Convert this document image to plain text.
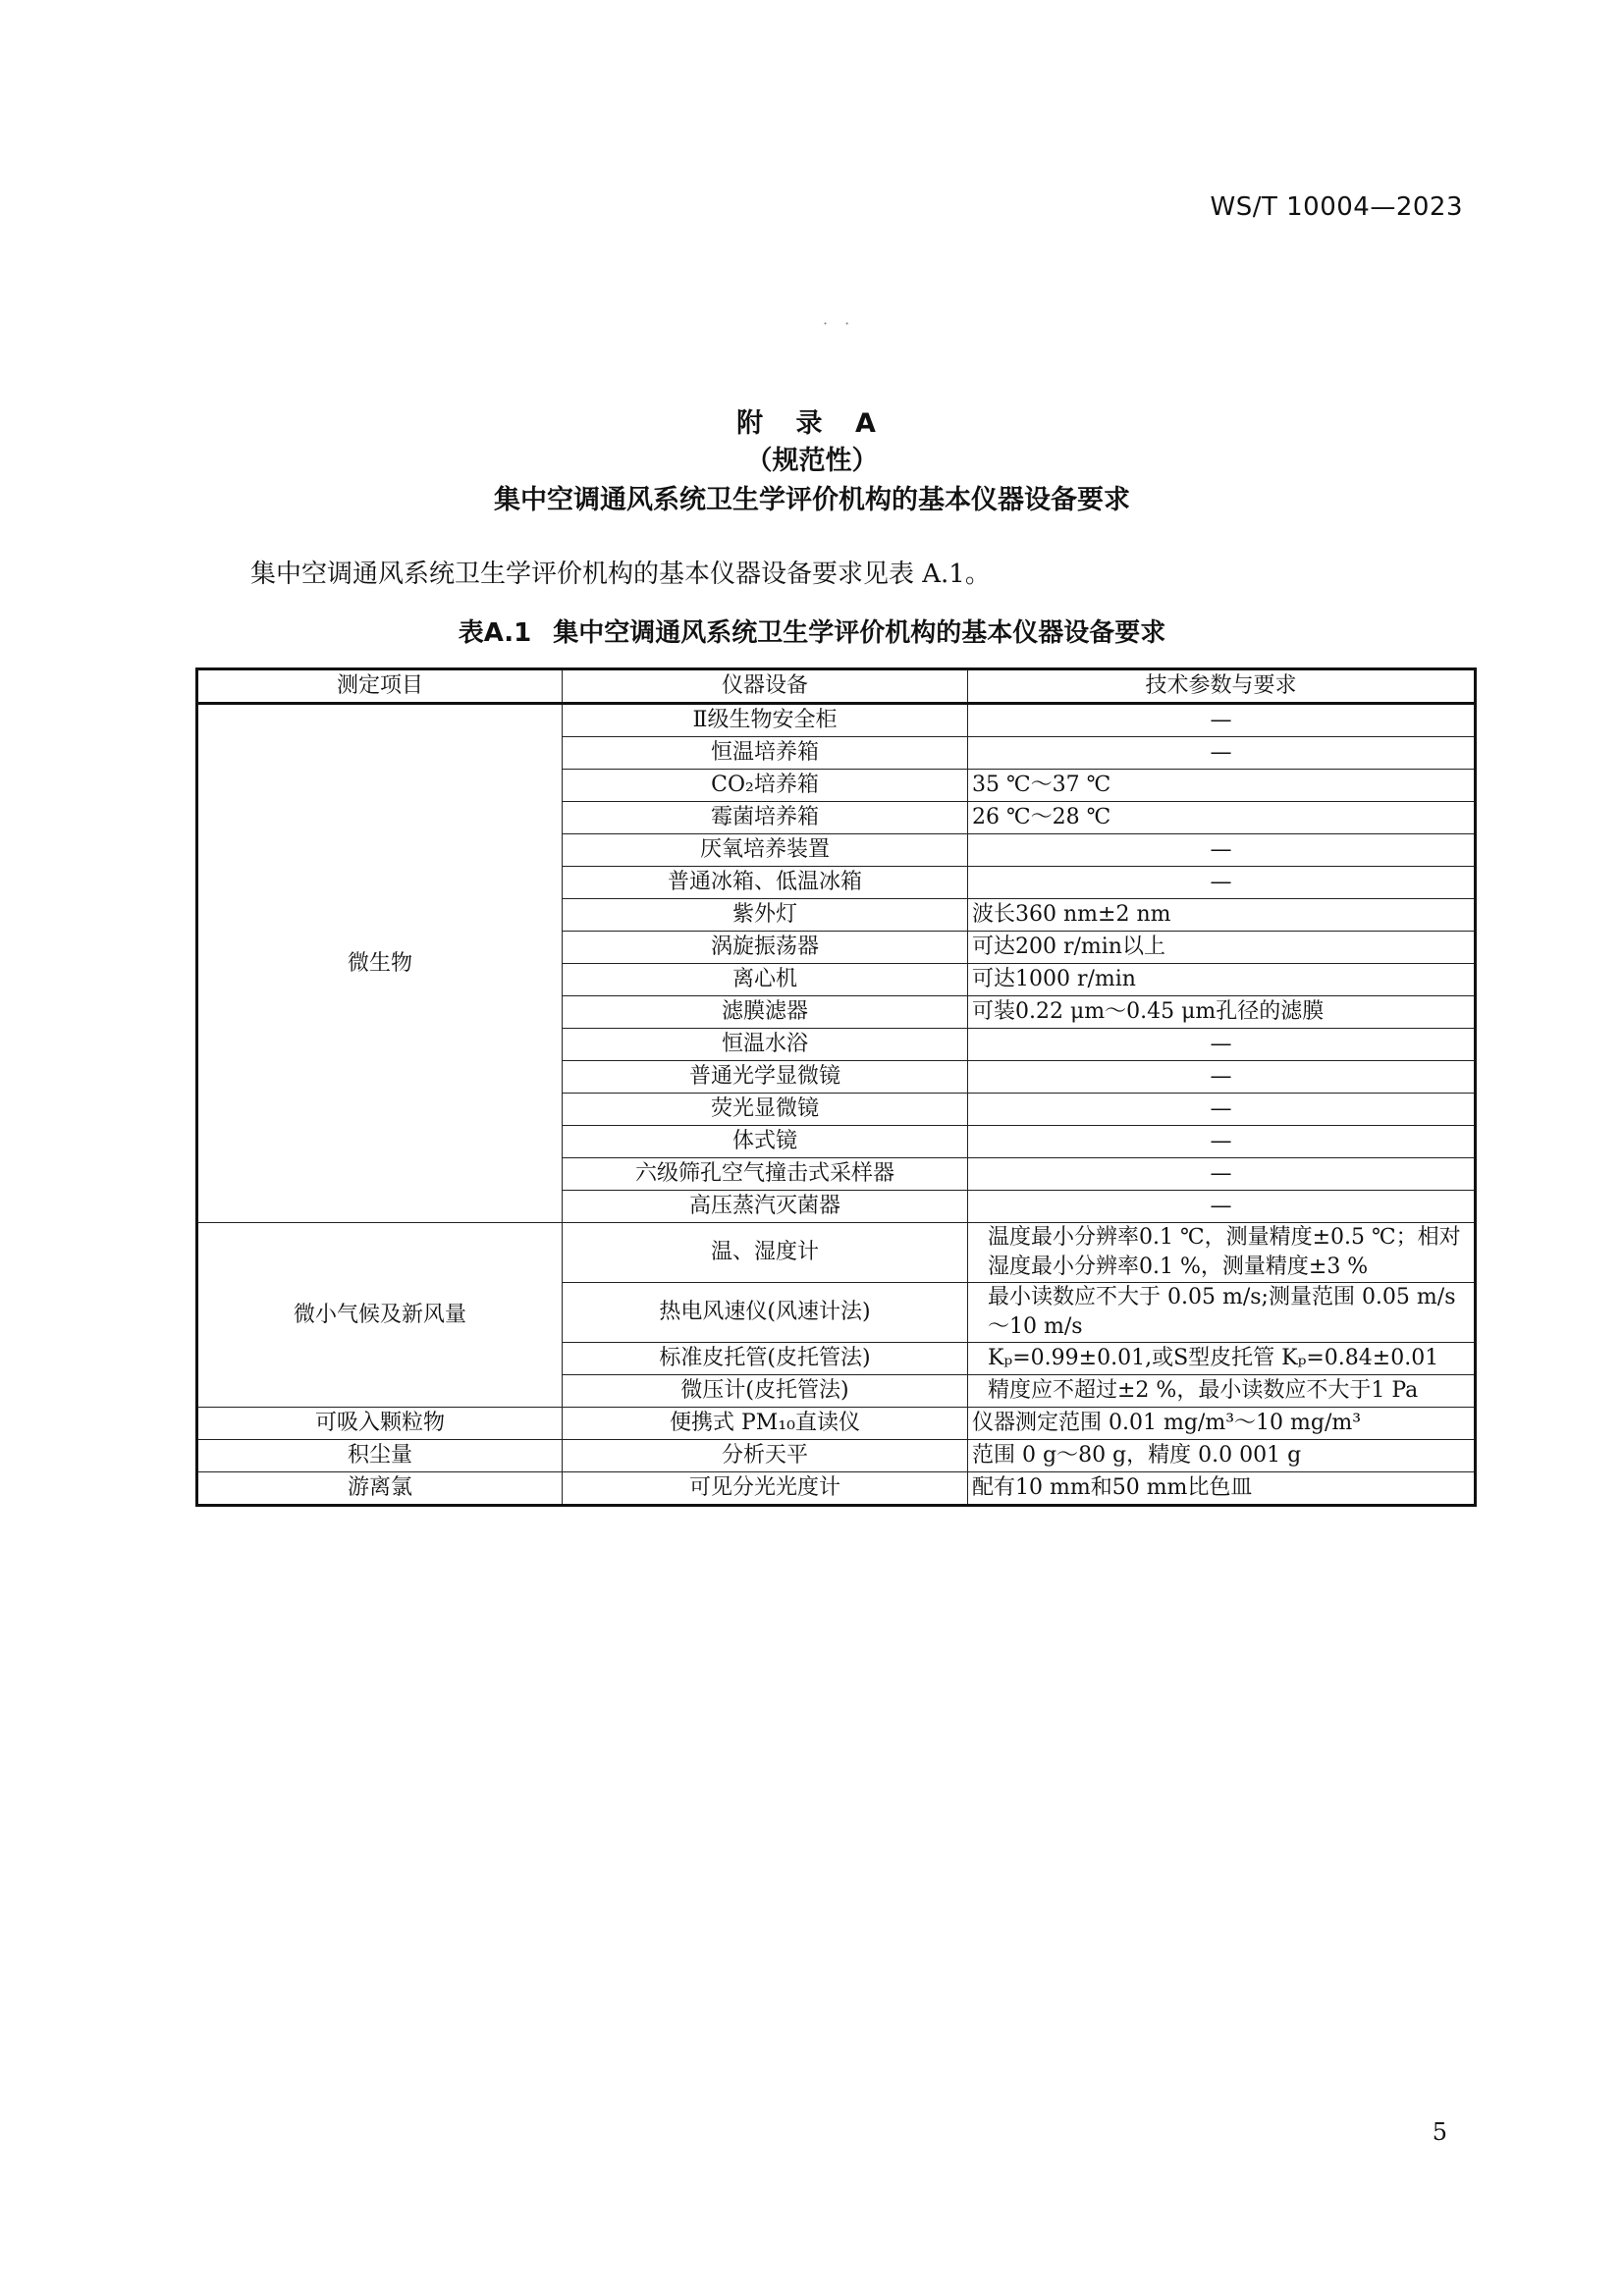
WS/T 10004—2023
· ·
附 录 A
（规范性）
集中空调通风系统卫生学评价机构的基本仪器设备要求
集中空调通风系统卫生学评价机构的基本仪器设备要求见表 A.1。
表A.1 集中空调通风系统卫生学评价机构的基本仪器设备要求
测定项目	仪器设备	技术参数与要求
微生物	Ⅱ级生物安全柜	—
	恒温培养箱	—
	CO₂培养箱	35 ℃～37 ℃
	霉菌培养箱	26 ℃～28 ℃
	厌氧培养装置	—
	普通冰箱、低温冰箱	—
	紫外灯	波长360 nm±2 nm
	涡旋振荡器	可达200 r/min以上
	离心机	可达1000 r/min
	滤膜滤器	可装0.22 μm～0.45 μm孔径的滤膜
	恒温水浴	—
	普通光学显微镜	—
	荧光显微镜	—
	体式镜	—
	六级筛孔空气撞击式采样器	—
	高压蒸汽灭菌器	—
微小气候及新风量	温、湿度计	温度最小分辨率0.1 ℃，测量精度±0.5 ℃；相对湿度最小分辨率0.1 %，测量精度±3 %
	热电风速仪(风速计法)	最小读数应不大于 0.05 m/s;测量范围 0.05 m/s～10 m/s
	标准皮托管(皮托管法)	Kₚ=0.99±0.01,或S型皮托管 Kₚ=0.84±0.01
	微压计(皮托管法)	精度应不超过±2 %，最小读数应不大于1 Pa
可吸入颗粒物	便携式 PM₁₀直读仪	仪器测定范围 0.01 mg/m³～10 mg/m³
积尘量	分析天平	范围 0 g～80 g，精度 0.0 001 g
游离氯	可见分光光度计	配有10 mm和50 mm比色皿
5
